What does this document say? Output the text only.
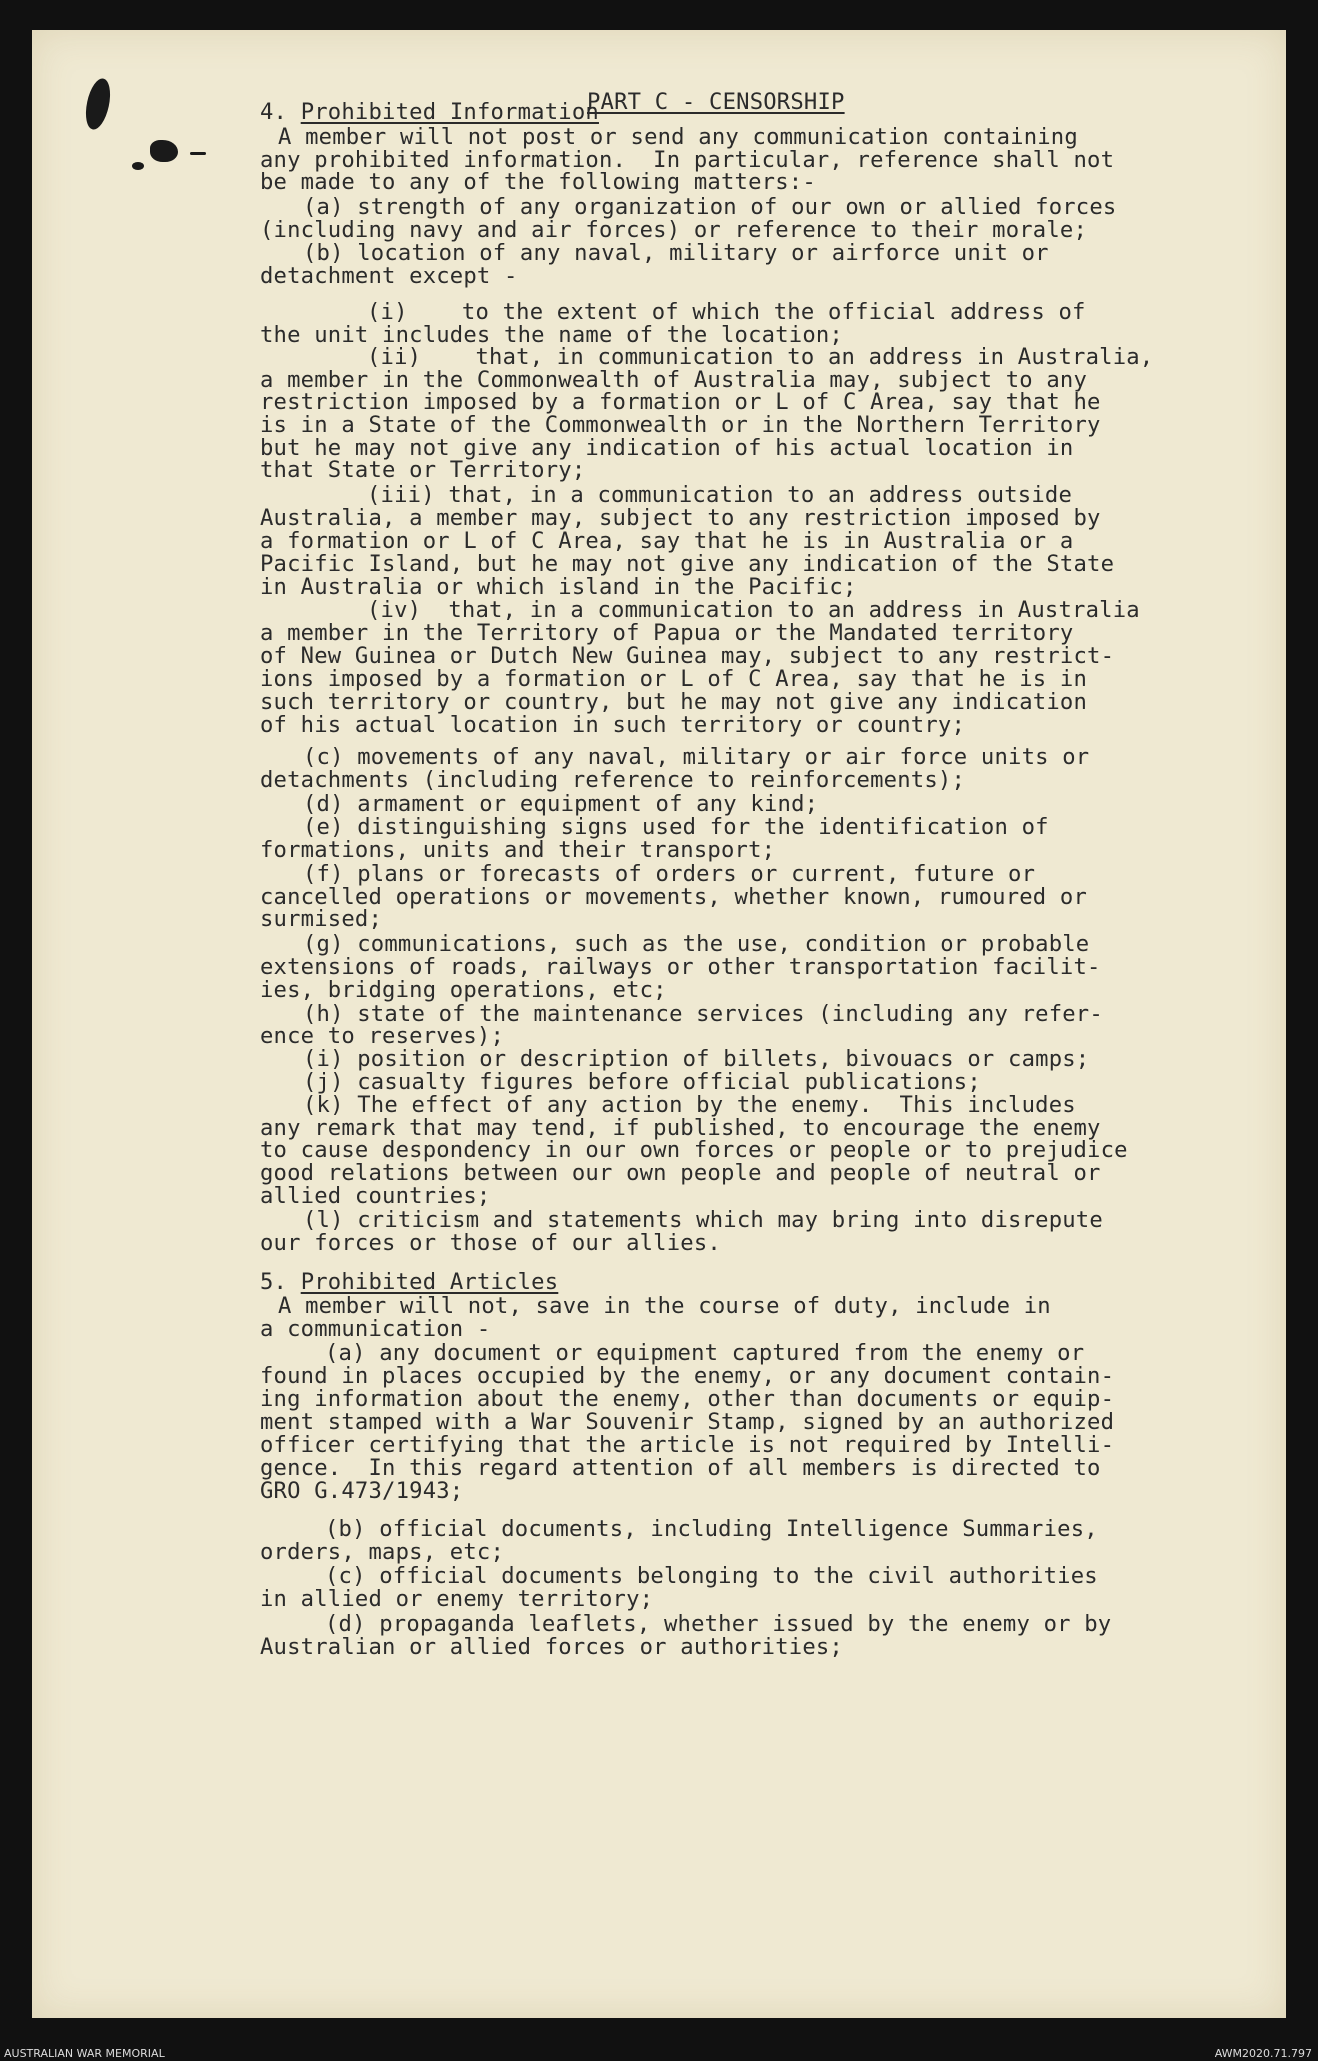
PART C - CENSORSHIP
4. Prohibited Information
A member will not post or send any communication containing
any prohibited information.  In particular, reference shall not
be made to any of the following matters:-
(a) strength of any organization of our own or allied forces
(including navy and air forces) or reference to their morale;
(b) location of any naval, military or airforce unit or
detachment except -
(i)    to the extent of which the official address of
the unit includes the name of the location;
(ii)    that, in communication to an address in Australia,
a member in the Commonwealth of Australia may, subject to any
restriction imposed by a formation or L of C Area, say that he
is in a State of the Commonwealth or in the Northern Territory
but he may not give any indication of his actual location in
that State or Territory;
(iii) that, in a communication to an address outside
Australia, a member may, subject to any restriction imposed by
a formation or L of C Area, say that he is in Australia or a
Pacific Island, but he may not give any indication of the State
in Australia or which island in the Pacific;
(iv)  that, in a communication to an address in Australia
a member in the Territory of Papua or the Mandated territory
of New Guinea or Dutch New Guinea may, subject to any restrict-
ions imposed by a formation or L of C Area, say that he is in
such territory or country, but he may not give any indication
of his actual location in such territory or country;
(c) movements of any naval, military or air force units or
detachments (including reference to reinforcements);
(d) armament or equipment of any kind;
(e) distinguishing signs used for the identification of
formations, units and their transport;
(f) plans or forecasts of orders or current, future or
cancelled operations or movements, whether known, rumoured or
surmised;
(g) communications, such as the use, condition or probable
extensions of roads, railways or other transportation facilit-
ies, bridging operations, etc;
(h) state of the maintenance services (including any refer-
ence to reserves);
(i) position or description of billets, bivouacs or camps;
(j) casualty figures before official publications;
(k) The effect of any action by the enemy.  This includes
any remark that may tend, if published, to encourage the enemy
to cause despondency in our own forces or people or to prejudice
good relations between our own people and people of neutral or
allied countries;
(l) criticism and statements which may bring into disrepute
our forces or those of our allies.
5. Prohibited Articles
A member will not, save in the course of duty, include in
a communication -
(a) any document or equipment captured from the enemy or
found in places occupied by the enemy, or any document contain-
ing information about the enemy, other than documents or equip-
ment stamped with a War Souvenir Stamp, signed by an authorized
officer certifying that the article is not required by Intelli-
gence.  In this regard attention of all members is directed to
GRO G.473/1943;
(b) official documents, including Intelligence Summaries,
orders, maps, etc;
(c) official documents belonging to the civil authorities
in allied or enemy territory;
(d) propaganda leaflets, whether issued by the enemy or by
Australian or allied forces or authorities;
AUSTRALIAN WAR MEMORIAL	AWM2020.71.797
